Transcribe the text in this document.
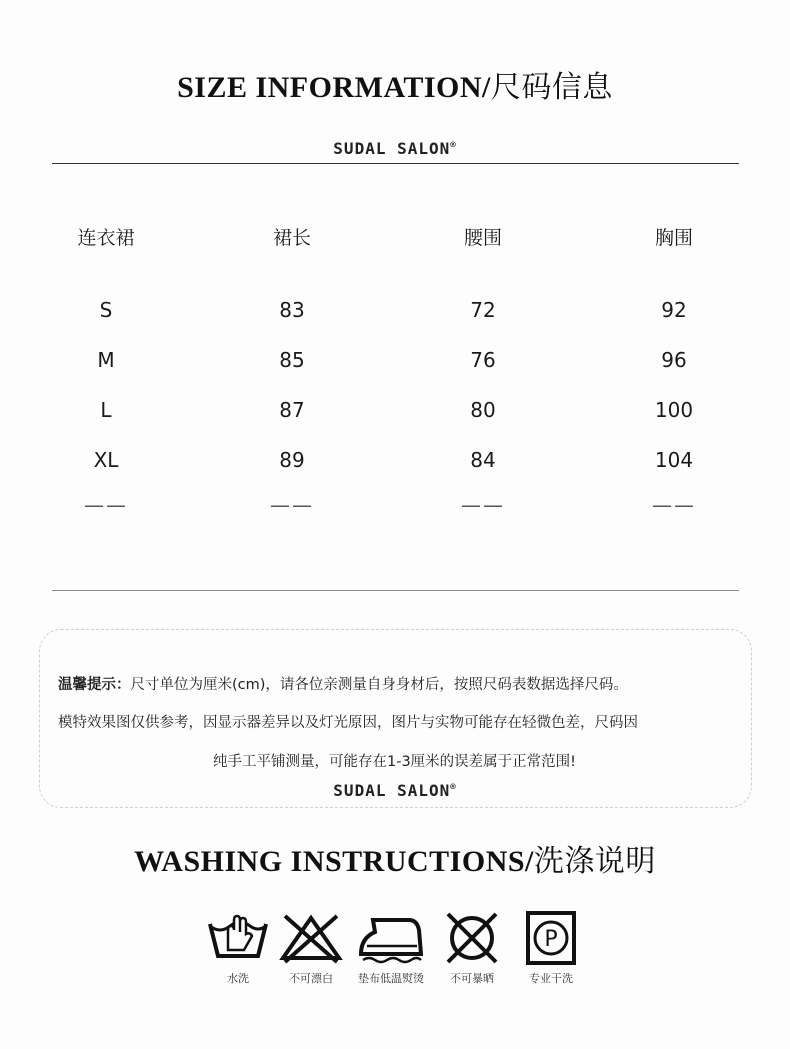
SIZE INFORMATION/尺码信息
SUDAL SALON®
连衣裙	裙长	腰围	胸围
S	83	72	92
M	85	76	96
L	87	80	100
XL	89	84	104
——	——	——	——
温馨提示：尺寸单位为厘米(cm)，请各位亲测量自身身材后，按照尺码表数据选择尺码。
模特效果图仅供参考，因显示器差异以及灯光原因，图片与实物可能存在轻微色差，尺码因
纯手工平铺测量，可能存在1-3厘米的误差属于正常范围!
SUDAL SALON®
WASHING INSTRUCTIONS/洗涤说明
水洗	不可漂白	垫布低温熨烫	不可暴晒
P
专业干洗
